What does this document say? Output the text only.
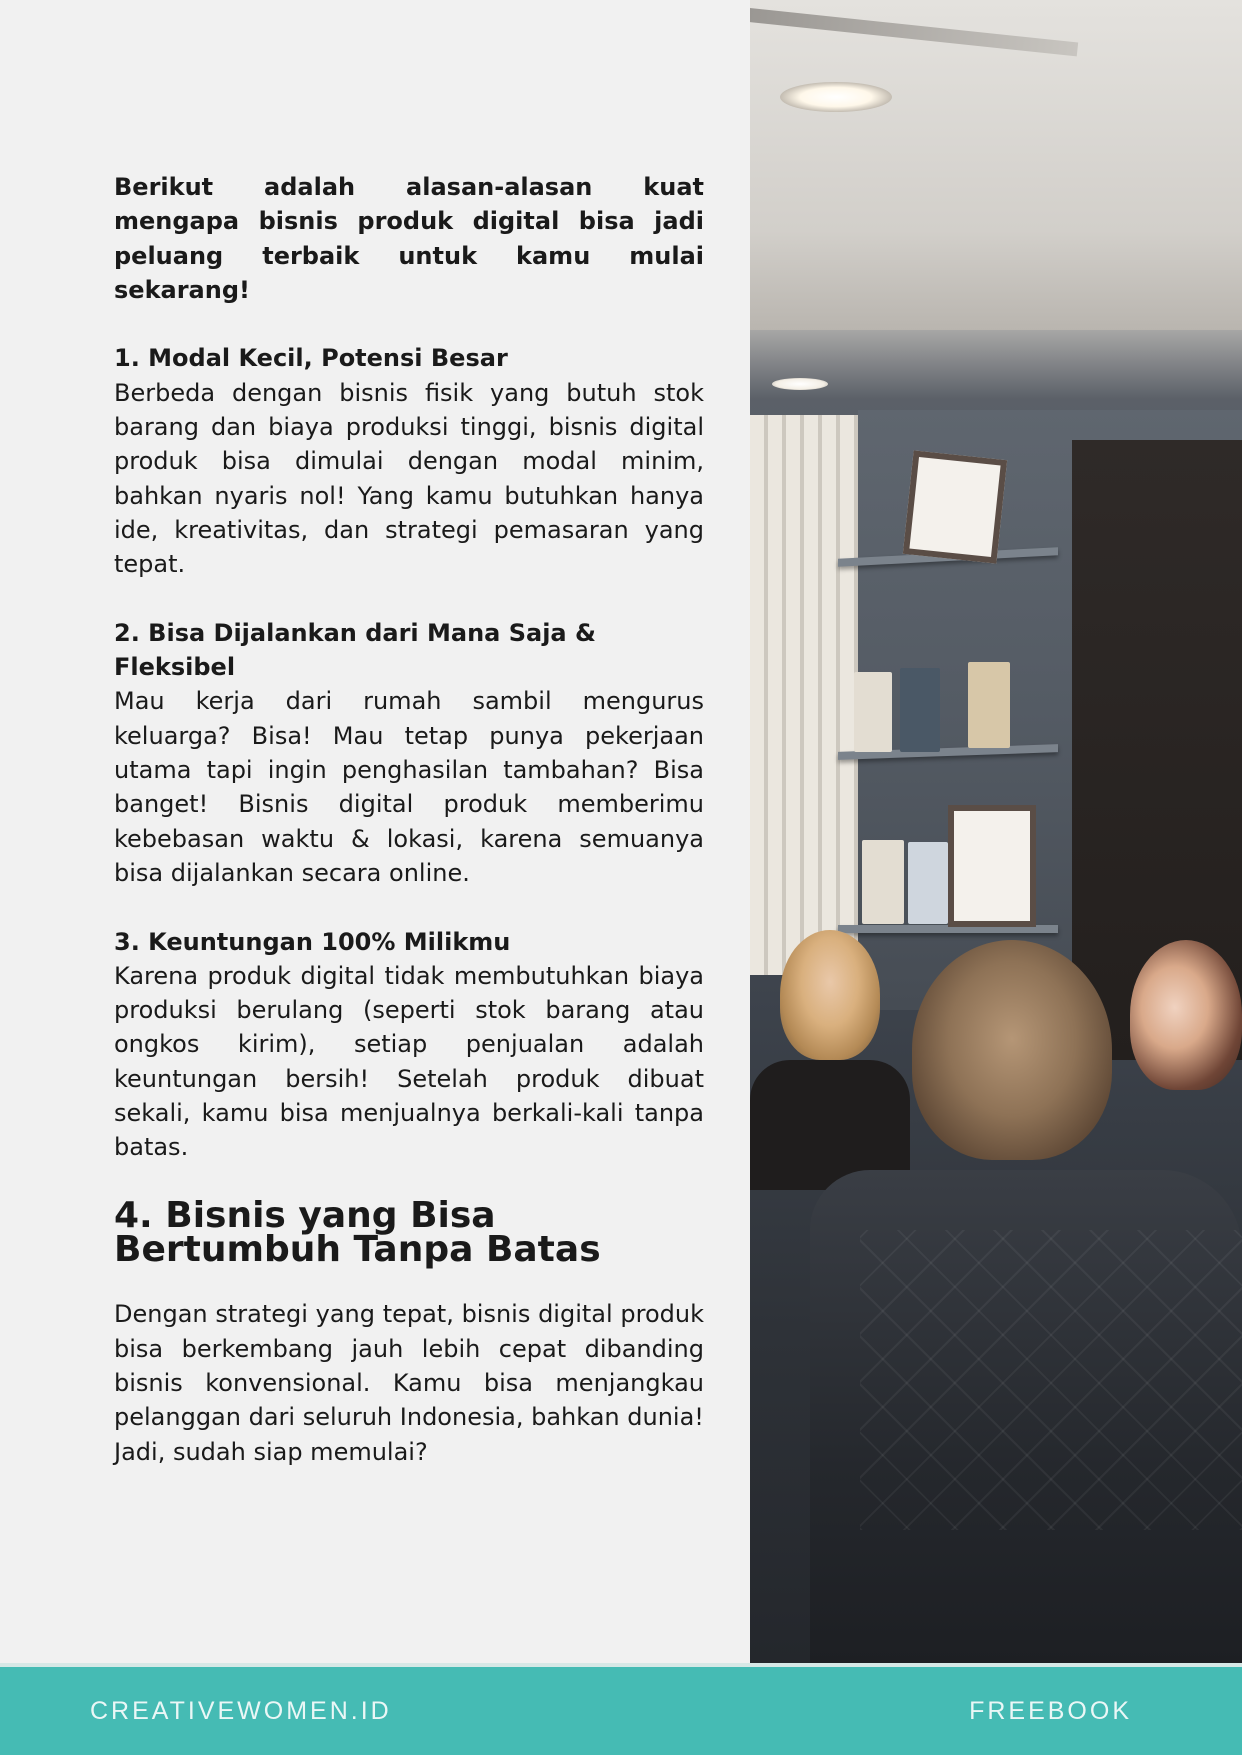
Berikut adalah alasan-alasan kuat mengapa bisnis produk digital bisa jadi peluang terbaik untuk kamu mulai sekarang!

1. Modal Kecil, Potensi Besar

Berbeda dengan bisnis fisik yang butuh stok barang dan biaya produksi tinggi, bisnis digital produk bisa dimulai dengan modal minim, bahkan nyaris nol! Yang kamu butuhkan hanya ide, kreativitas, dan strategi pemasaran yang tepat.

2. Bisa Dijalankan dari Mana Saja & Fleksibel

Mau kerja dari rumah sambil mengurus keluarga? Bisa! Mau tetap punya pekerjaan utama tapi ingin penghasilan tambahan? Bisa banget! Bisnis digital produk memberimu kebebasan waktu & lokasi, karena semuanya bisa dijalankan secara online.

3. Keuntungan 100% Milikmu

Karena produk digital tidak membutuhkan biaya produksi berulang (seperti stok barang atau ongkos kirim), setiap penjualan adalah keuntungan bersih! Setelah produk dibuat sekali, kamu bisa menjualnya berkali-kali tanpa batas.

4. Bisnis yang Bisa Bertumbuh Tanpa Batas

Dengan strategi yang tepat, bisnis digital produk bisa berkembang jauh lebih cepat dibanding bisnis konvensional. Kamu bisa menjangkau pelanggan dari seluruh Indonesia, bahkan dunia!

Jadi, sudah siap memulai?

CREATIVEWOMEN.ID	FREEBOOK
